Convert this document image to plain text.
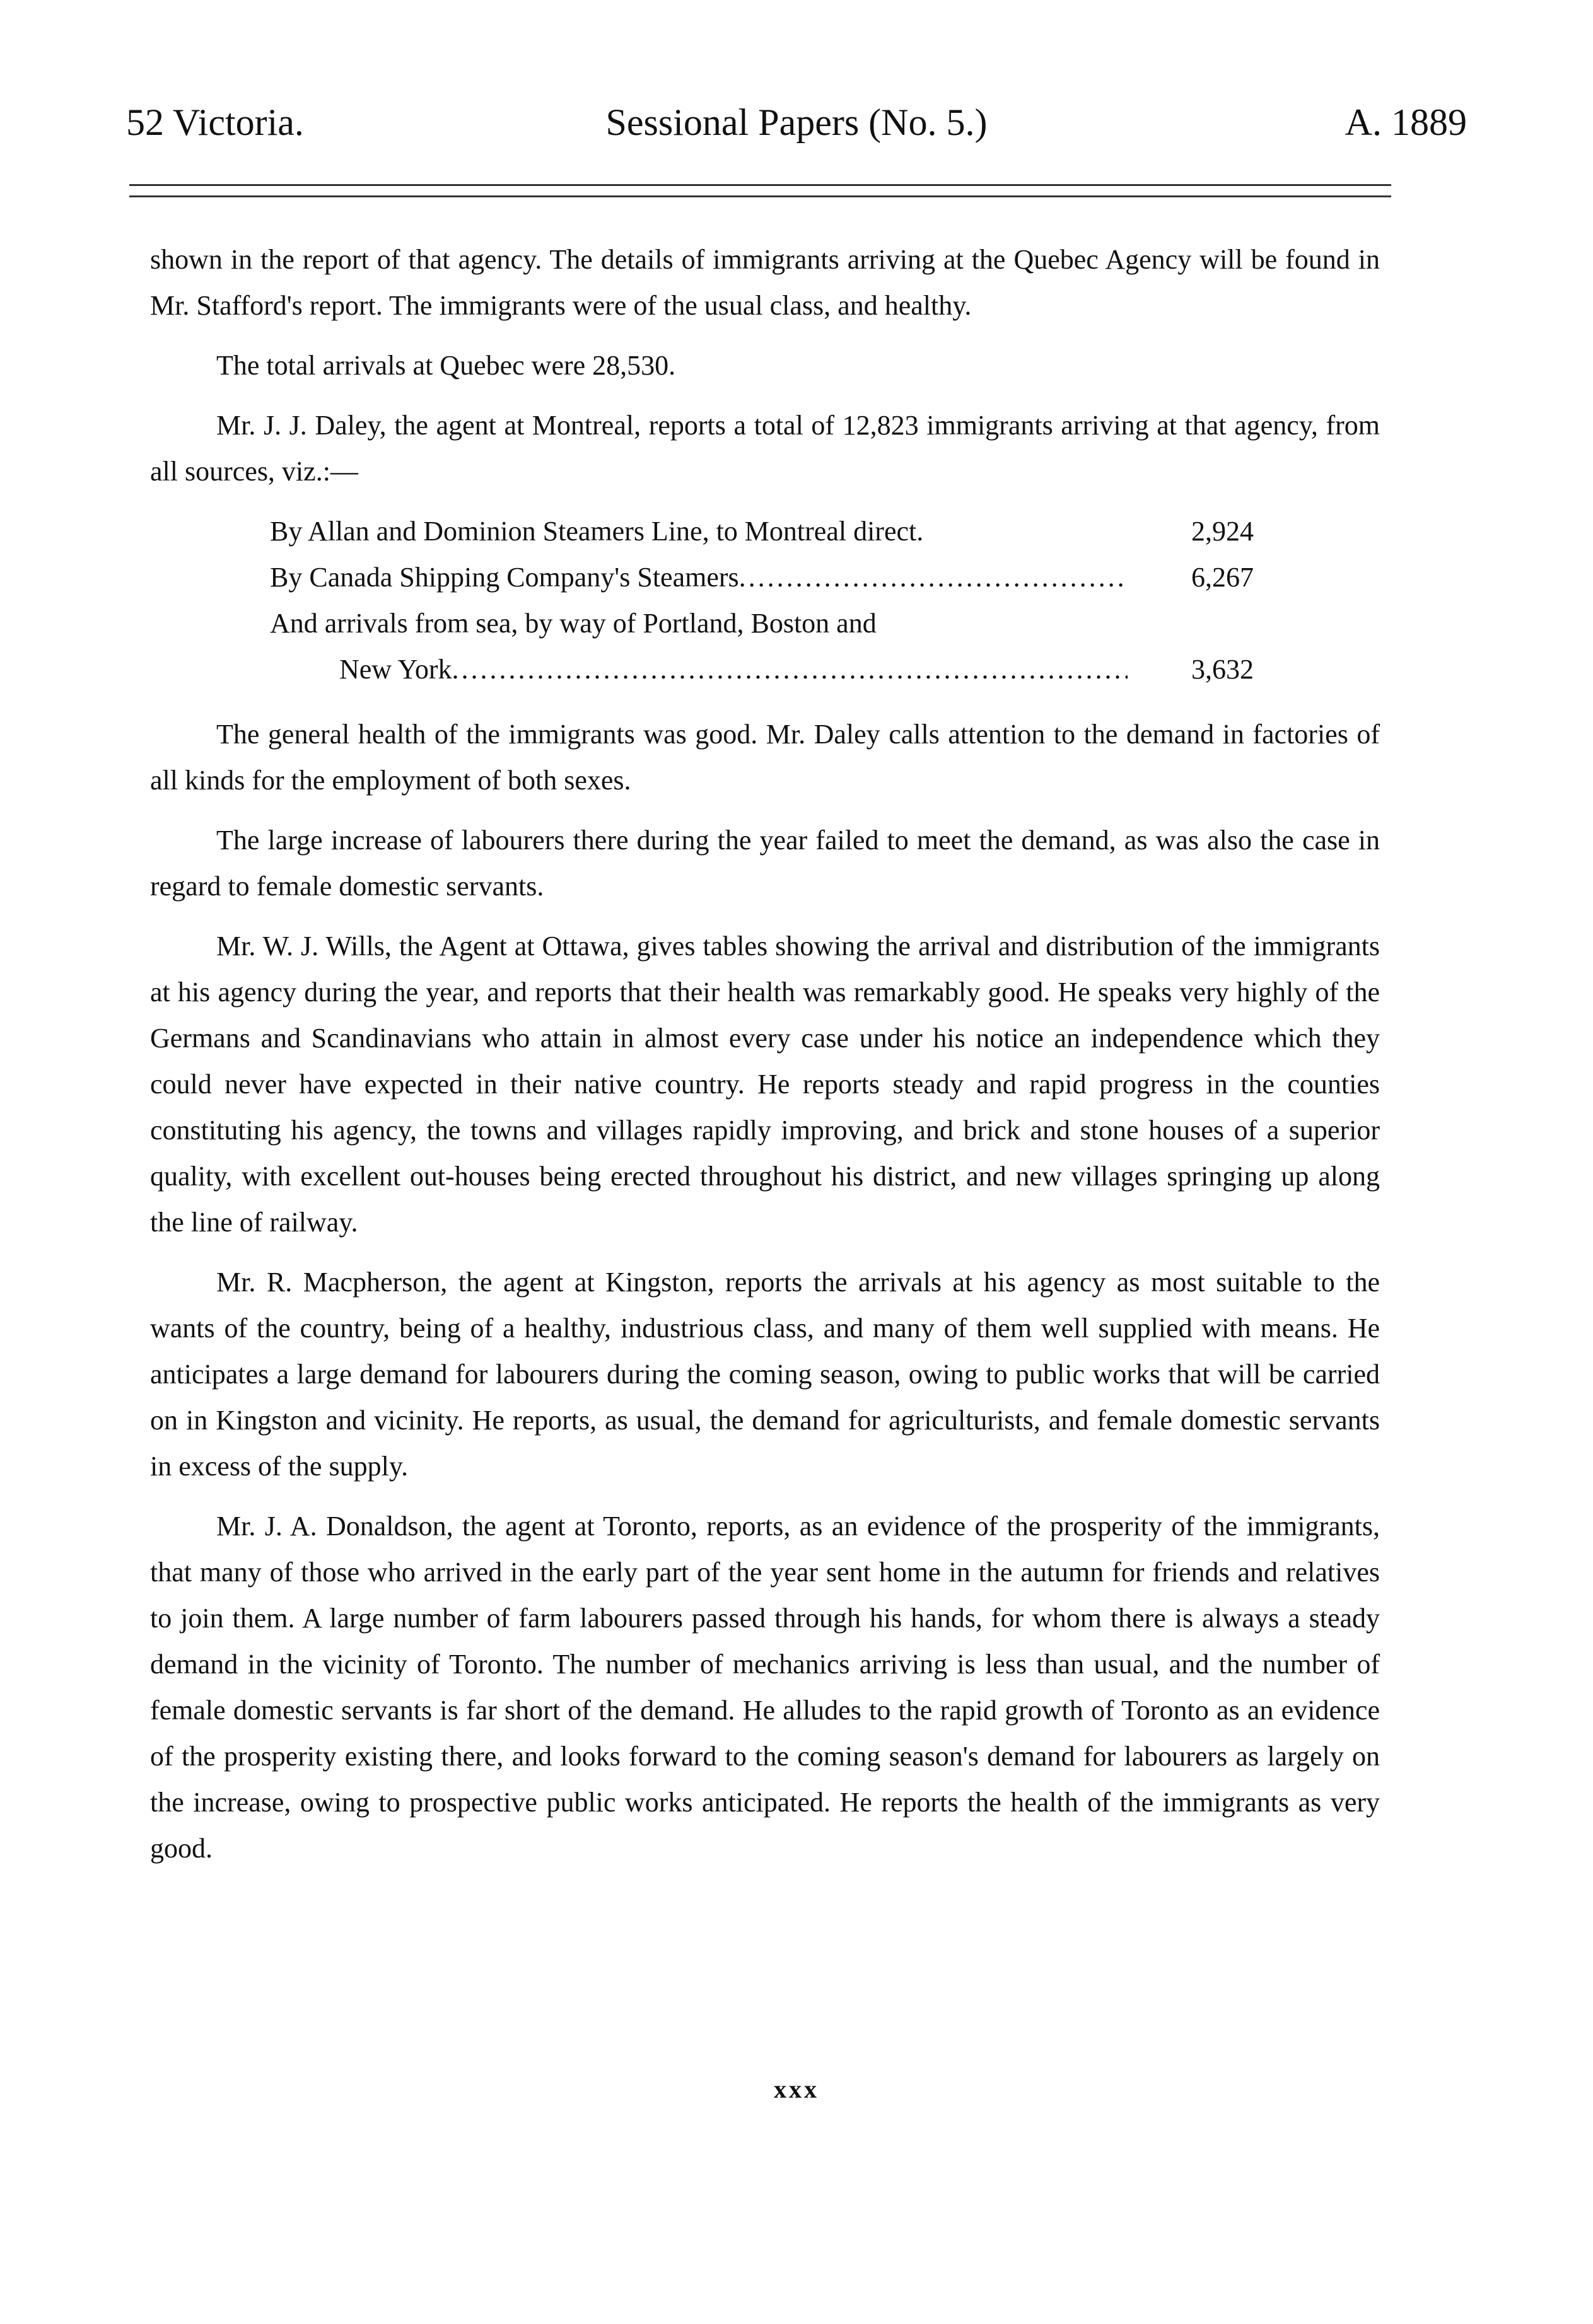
52 Victoria.	Sessional Papers (No. 5.)	A. 1889

shown in the report of that agency. The details of immigrants arriving at the Quebec Agency will be found in Mr. Stafford's report. The immigrants were of the usual class, and healthy.

The total arrivals at Quebec were 28,530.

Mr. J. J. Daley, the agent at Montreal, reports a total of 12,823 immigrants arriving at that agency, from all sources, viz.:—

By Allan and Dominion Steamers Line, to Montreal direct.	2,924
By Canada Shipping Company's Steamers .....	6,267
And arrivals from sea, by way of Portland, Boston and
New York .....	3,632

The general health of the immigrants was good. Mr. Daley calls attention to the demand in factories of all kinds for the employment of both sexes.

The large increase of labourers there during the year failed to meet the demand, as was also the case in regard to female domestic servants.

Mr. W. J. Wills, the Agent at Ottawa, gives tables showing the arrival and distribution of the immigrants at his agency during the year, and reports that their health was remarkably good. He speaks very highly of the Germans and Scandinavians who attain in almost every case under his notice an independence which they could never have expected in their native country. He reports steady and rapid progress in the counties constituting his agency, the towns and villages rapidly improving, and brick and stone houses of a superior quality, with excellent out-houses being erected throughout his district, and new villages springing up along the line of railway.

Mr. R. Macpherson, the agent at Kingston, reports the arrivals at his agency as most suitable to the wants of the country, being of a healthy, industrious class, and many of them well supplied with means. He anticipates a large demand for labourers during the coming season, owing to public works that will be carried on in Kingston and vicinity. He reports, as usual, the demand for agriculturists, and female domestic servants in excess of the supply.

Mr. J. A. Donaldson, the agent at Toronto, reports, as an evidence of the prosperity of the immigrants, that many of those who arrived in the early part of the year sent home in the autumn for friends and relatives to join them. A large number of farm labourers passed through his hands, for whom there is always a steady demand in the vicinity of Toronto. The number of mechanics arriving is less than usual, and the number of female domestic servants is far short of the demand. He alludes to the rapid growth of Toronto as an evidence of the prosperity existing there, and looks forward to the coming season's demand for labourers as largely on the increase, owing to prospective public works anticipated. He reports the health of the immigrants as very good.

xxx
